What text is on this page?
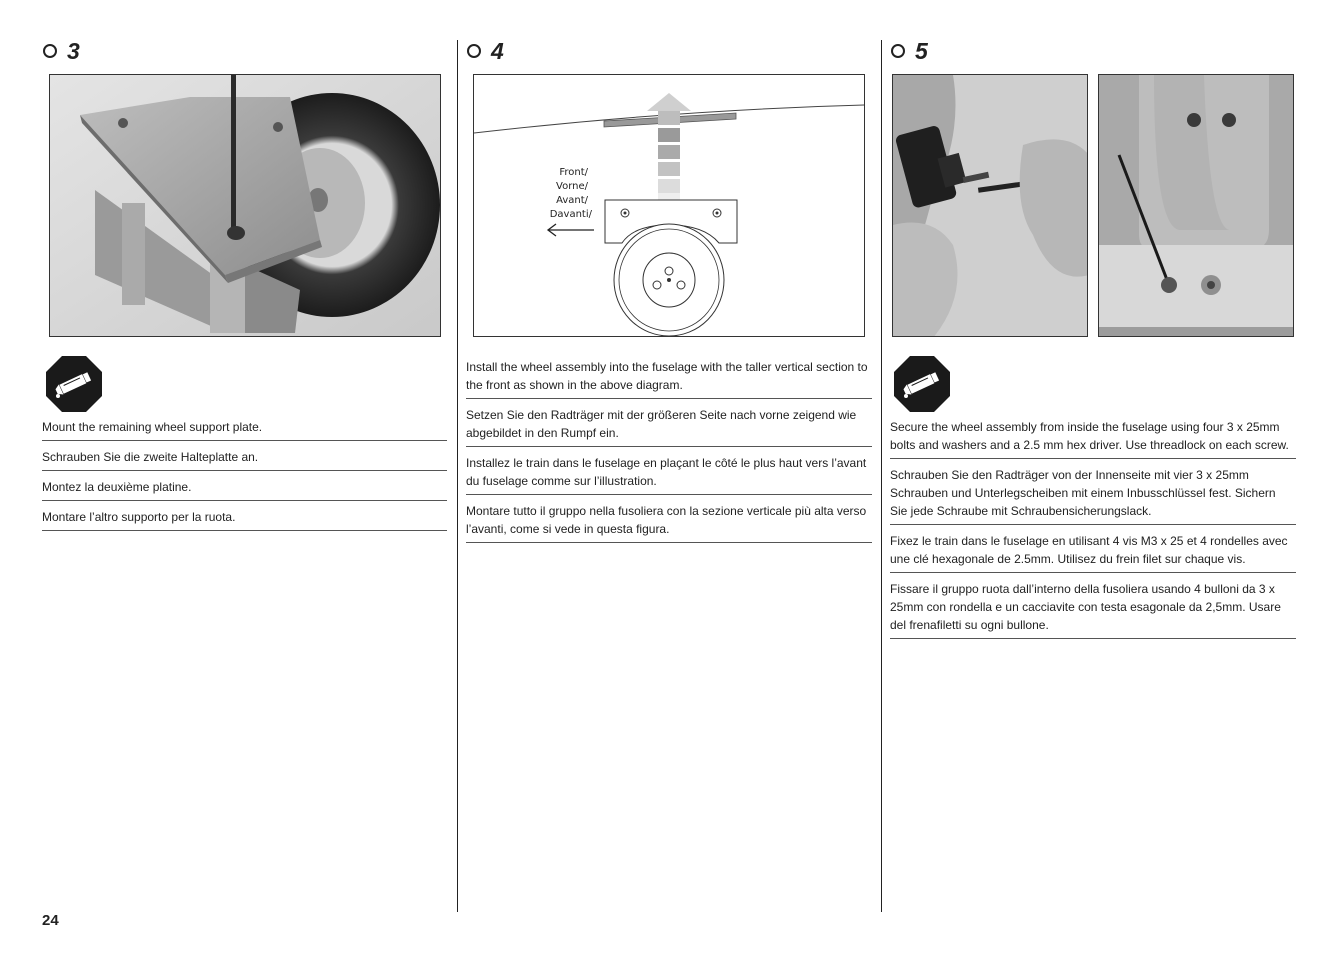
3
Mount the remaining wheel support plate.
Schrauben Sie die zweite Halteplatte an.
Montez la deuxième platine.
Montare l’altro supporto per la ruota.
4
Front/
Vorne/
Avant/
Davanti/
Install the wheel assembly into the fuselage with the taller vertical section to the front as shown in the above diagram.
Setzen Sie den Radträger mit der größeren Seite nach vorne zeigend wie abgebildet in den Rumpf ein.
Installez le train dans le fuselage en plaçant le côté le plus haut vers l’avant du fuselage comme sur l’illustration.
Montare tutto il gruppo nella fusoliera con la sezione verticale più alta verso l’avanti, come si vede in questa figura.
5
Secure the wheel assembly from inside the fuselage using four 3 x 25mm bolts and washers and a 2.5 mm hex driver. Use threadlock on each screw.
Schrauben Sie den Radträger von der Innenseite mit vier 3 x 25mm Schrauben und Unterlegscheiben mit einem Inbusschlüssel fest. Sichern Sie jede Schraube mit Schraubensicherungslack.
Fixez le train dans le fuselage en utilisant 4 vis M3 x 25 et 4 rondelles avec une clé hexagonale de 2.5mm. Utilisez du frein filet sur chaque vis.
Fissare il gruppo ruota dall’interno della fusoliera usando 4 bulloni da 3 x 25mm con rondella e un cacciavite con testa esagonale da 2,5mm. Usare del frenafiletti su ogni bullone.
24
